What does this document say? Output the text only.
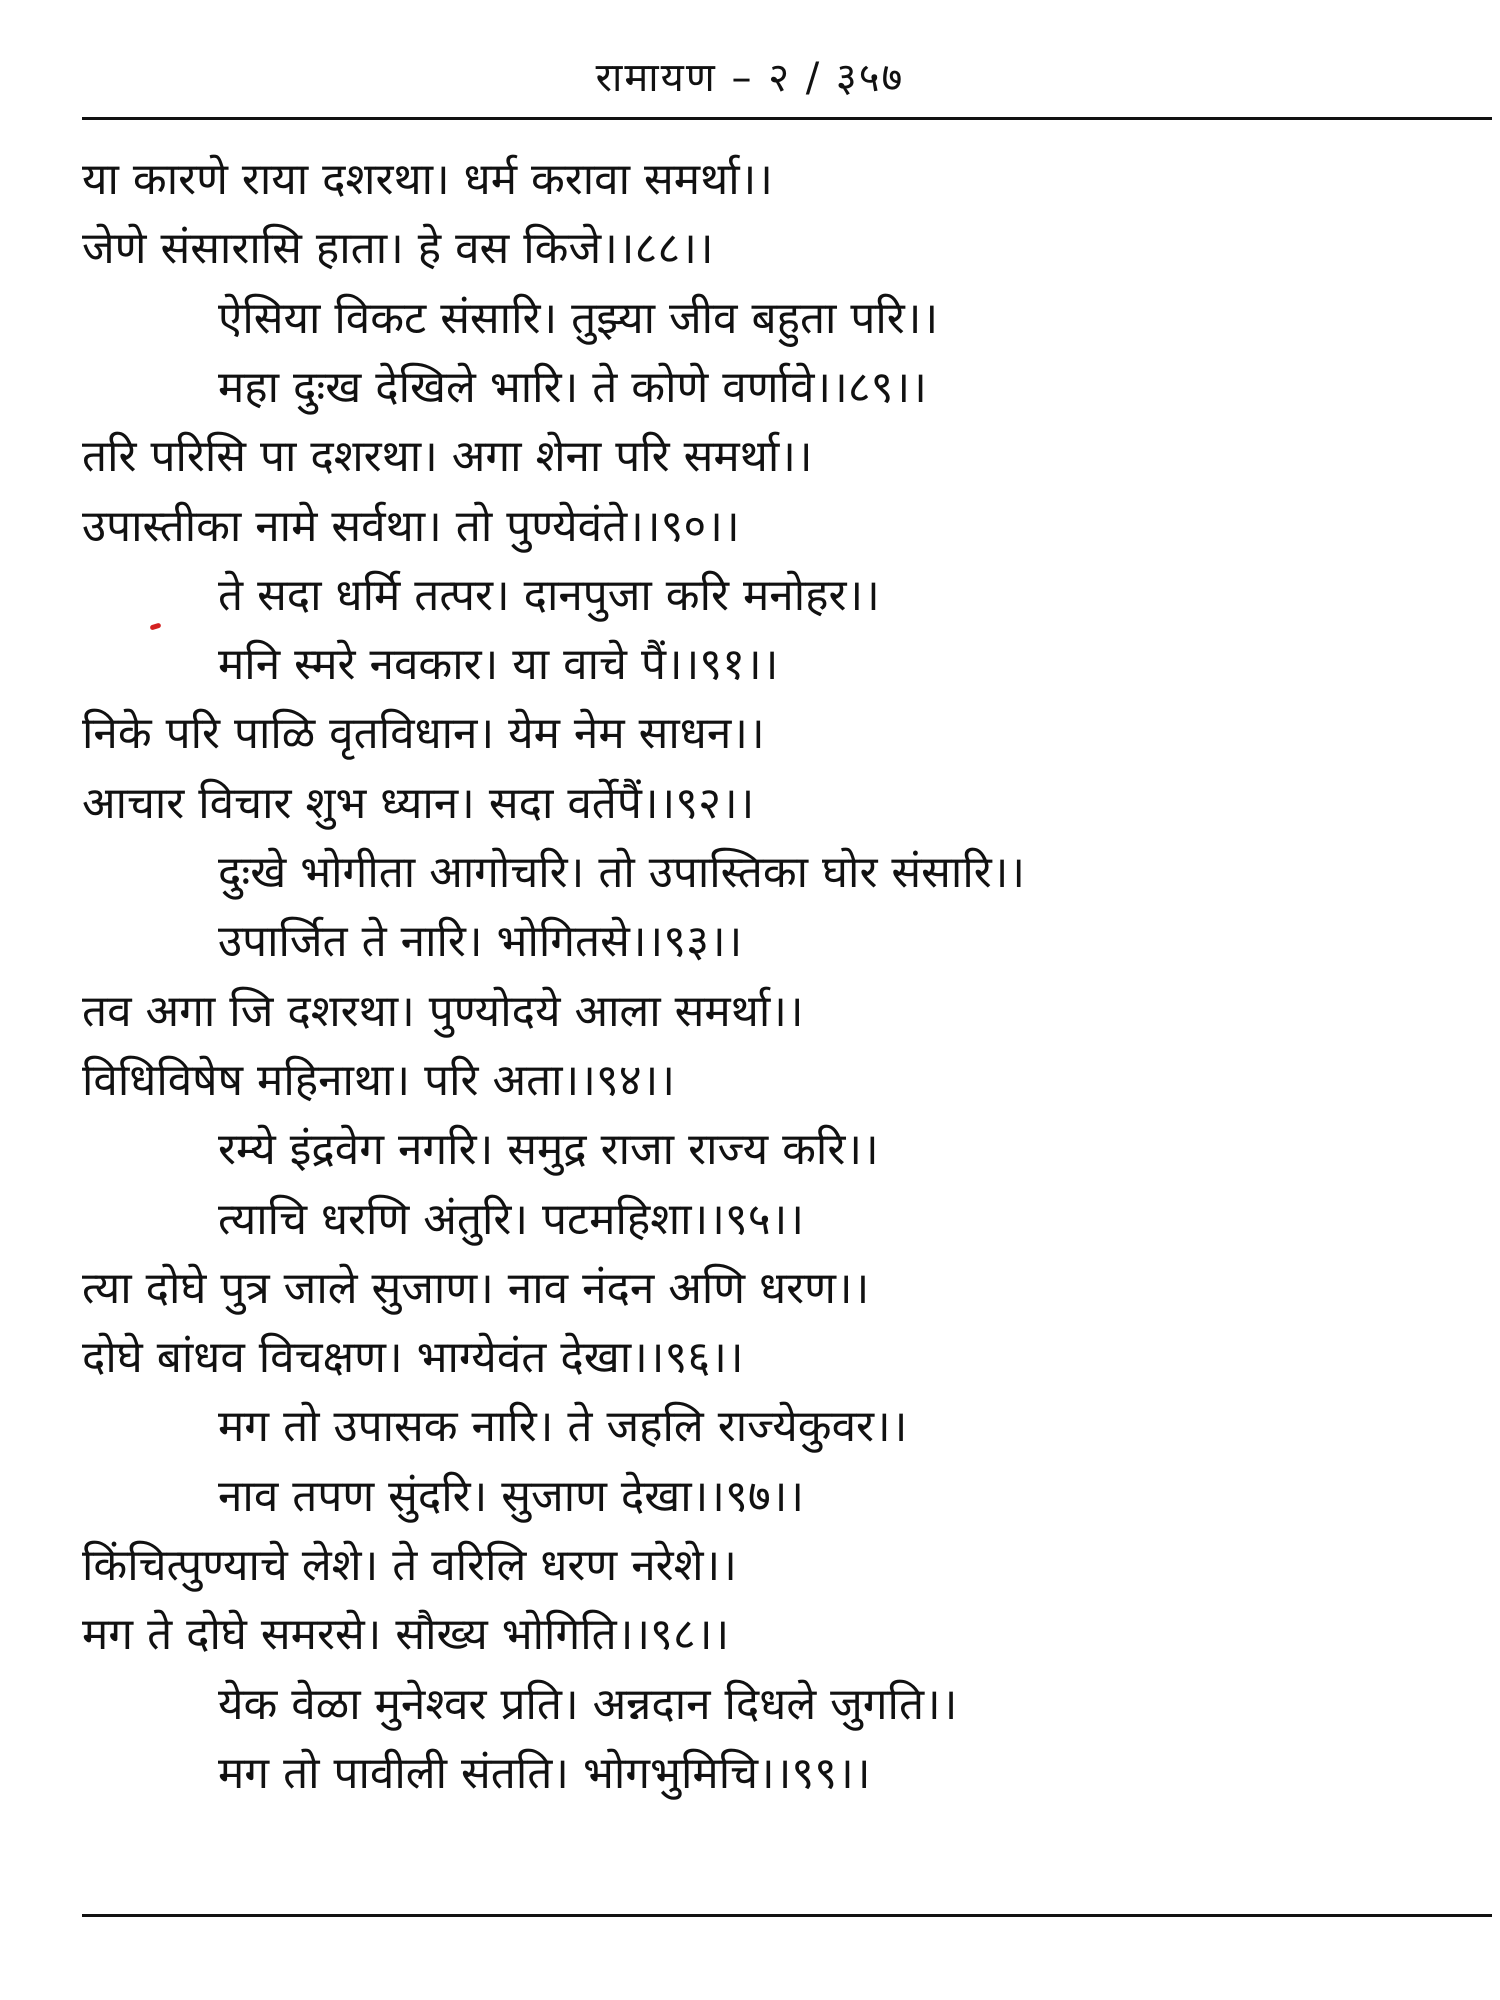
रामायण – २ / ३५७
या कारणे राया दशरथा। धर्म करावा समर्था।।
जेणे संसारासि हाता। हे वस किजे।।८८।।
ऐसिया विकट संसारि। तुझ्या जीव बहुता परि।।
महा दुःख देखिले भारि। ते कोणे वर्णावे।।८९।।
तरि परिसि पा दशरथा। अगा शेना परि समर्था।।
उपास्तीका नामे सर्वथा। तो पुण्येवंते।।९०।।
ते सदा धर्मि तत्पर। दानपुजा करि मनोहर।।
मनि स्मरे नवकार। या वाचे पैं।।९१।।
निके परि पाळि वृतविधान। येम नेम साधन।।
आचार विचार शुभ ध्यान। सदा वर्तेपैं।।९२।।
दुःखे भोगीता आगोचरि। तो उपास्तिका घोर संसारि।।
उपार्जित ते नारि। भोगितसे।।९३।।
तव अगा जि दशरथा। पुण्योदये आला समर्था।।
विधिविषेष महिनाथा। परि अता।।९४।।
रम्ये इंद्रवेग नगरि। समुद्र राजा राज्य करि।।
त्याचि धरणि अंतुरि। पटमहिशा।।९५।।
त्या दोघे पुत्र जाले सुजाण। नाव नंदन अणि धरण।।
दोघे बांधव विचक्षण। भाग्येवंत देखा।।९६।।
मग तो उपासक नारि। ते जहलि राज्येकुवर।।
नाव तपण सुंदरि। सुजाण देखा।।९७।।
किंचित्पुण्याचे लेशे। ते वरिलि धरण नरेशे।।
मग ते दोघे समरसे। सौख्य भोगिति।।९८।।
येक वेळा मुनेश्वर प्रति। अन्नदान दिधले जुगति।।
मग तो पावीली संतति। भोगभुमिचि।।९९।।
